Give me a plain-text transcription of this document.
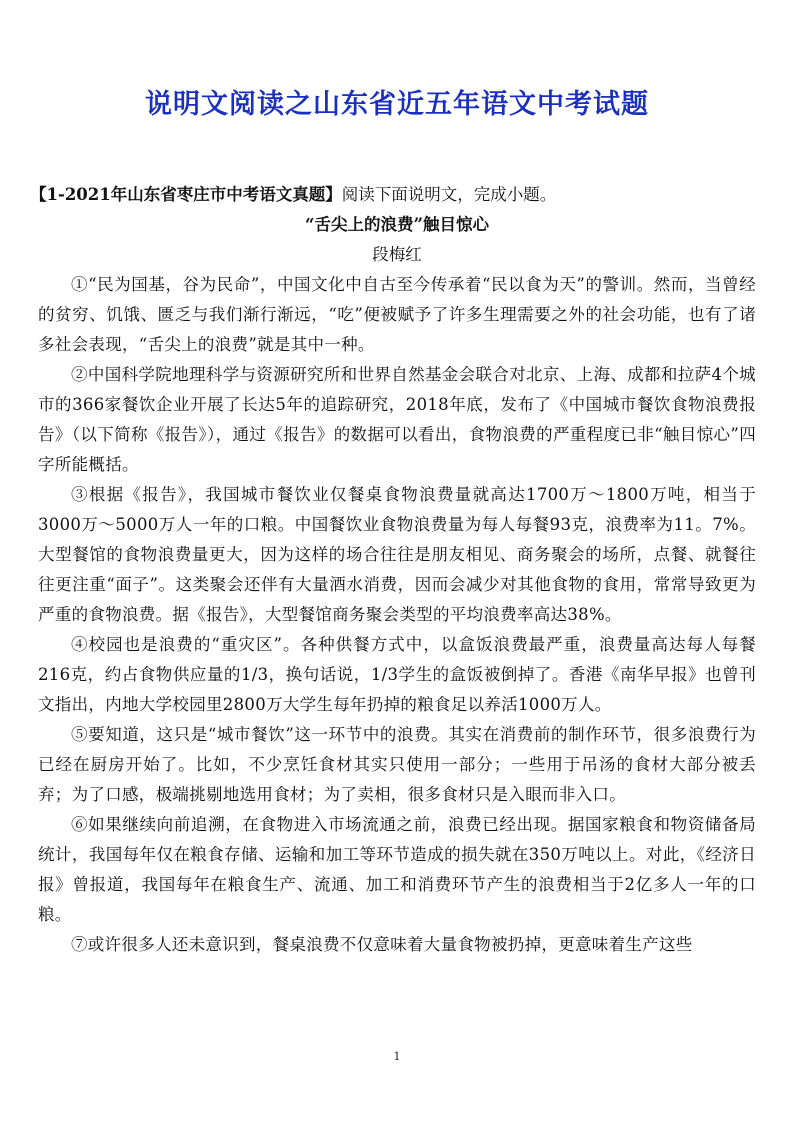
说明文阅读之山东省近五年语文中考试题

【1-2021年山东省枣庄市中考语文真题】阅读下面说明文，完成小题。

“舌尖上的浪费”触目惊心

段梅红

①“民为国基，谷为民命”，中国文化中自古至今传承着“民以食为天”的警训。然而，当曾经的贫穷、饥饿、匮乏与我们渐行渐远，“吃”便被赋予了许多生理需要之外的社会功能，也有了诸多社会表现，“舌尖上的浪费”就是其中一种。

②中国科学院地理科学与资源研究所和世界自然基金会联合对北京、上海、成都和拉萨4个城市的366家餐饮企业开展了长达5年的追踪研究，2018年底，发布了《中国城市餐饮食物浪费报告》（以下简称《报告》），通过《报告》的数据可以看出，食物浪费的严重程度已非“触目惊心”四字所能概括。

③根据《报告》，我国城市餐饮业仅餐桌食物浪费量就高达1700万～1800万吨，相当于3000万～5000万人一年的口粮。中国餐饮业食物浪费量为每人每餐93克，浪费率为11。7%。大型餐馆的食物浪费量更大，因为这样的场合往往是朋友相见、商务聚会的场所，点餐、就餐往往更注重“面子”。这类聚会还伴有大量酒水消费，因而会减少对其他食物的食用，常常导致更为严重的食物浪费。据《报告》，大型餐馆商务聚会类型的平均浪费率高达38%。

④校园也是浪费的“重灾区”。各种供餐方式中，以盒饭浪费最严重，浪费量高达每人每餐216克，约占食物供应量的1/3，换句话说，1/3学生的盒饭被倒掉了。香港《南华早报》也曾刊文指出，内地大学校园里2800万大学生每年扔掉的粮食足以养活1000万人。

⑤要知道，这只是“城市餐饮”这一环节中的浪费。其实在消费前的制作环节，很多浪费行为已经在厨房开始了。比如，不少烹饪食材其实只使用一部分；一些用于吊汤的食材大部分被丢弃；为了口感，极端挑剔地选用食材；为了卖相，很多食材只是入眼而非入口。

⑥如果继续向前追溯，在食物进入市场流通之前，浪费已经出现。据国家粮食和物资储备局统计，我国每年仅在粮食存储、运输和加工等环节造成的损失就在350万吨以上。对此，《经济日报》曾报道，我国每年在粮食生产、流通、加工和消费环节产生的浪费相当于2亿多人一年的口粮。

⑦或许很多人还未意识到，餐桌浪费不仅意味着大量食物被扔掉，更意味着生产这些

1
